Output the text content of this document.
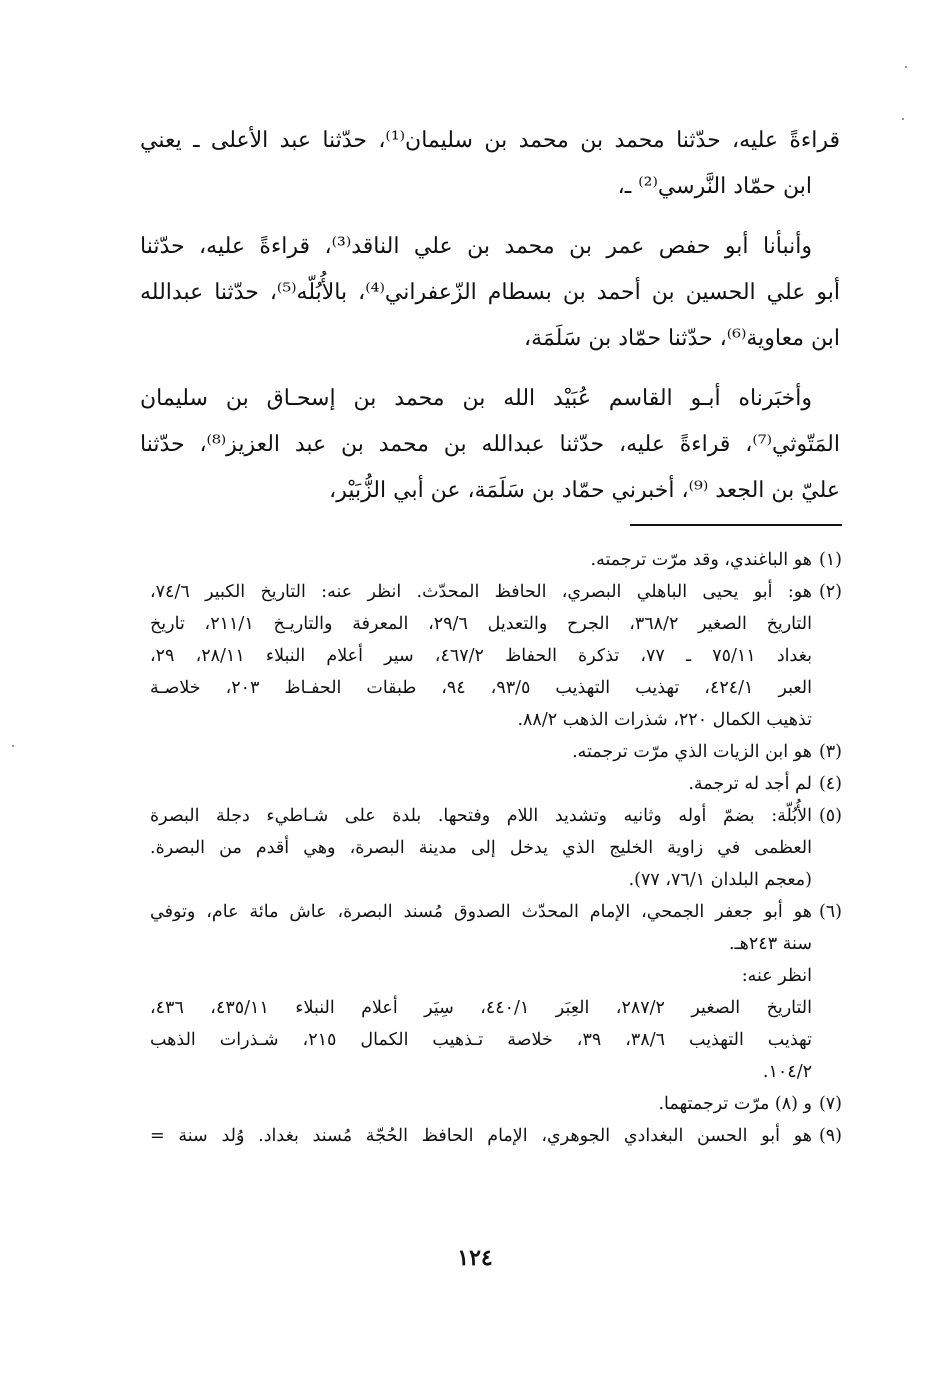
قراءةً عليه، حدّثنا محمد بن محمد بن سليمان⁽¹⁾، حدّثنا عبد الأعلى ـ يعني
ابن حمّاد النَّرسي⁽²⁾ ـ،

وأنبأنا أبو حفص عمر بن محمد بن علي الناقد⁽³⁾، قراءةً عليه، حدّثنا
أبو علي الحسين بن أحمد بن بسطام الزّعفراني⁽⁴⁾، بالأُبُلّه⁽⁵⁾، حدّثنا عبدالله
ابن معاوية⁽⁶⁾، حدّثنا حمّاد بن سَلَمَة،

وأخبَرناه أبـو القاسم عُبَيْد الله بن محمد بن إسحـاق بن سليمان
المَتّوثي⁽⁷⁾، قراءةً عليه، حدّثنا عبدالله بن محمد بن عبد العزيز⁽⁸⁾، حدّثنا
عليّ بن الجعد ⁽⁹⁾، أخبرني حمّاد بن سَلَمَة، عن أبي الزُّبَيْر،

(١)
هو الباغندي، وقد مرّت ترجمته.
(٢)
هو: أبو يحيى الباهلي البصري، الحافظ المحدّث. انظر عنه: التاريخ الكبير ٧٤/٦،
التاريخ الصغير ٣٦٨/٢، الجرح والتعديل ٢٩/٦، المعرفة والتاريـخ ٢١١/١، تاريخ
بغداد ٧٥/١١ ـ ٧٧، تذكرة الحفاظ ٤٦٧/٢، سير أعلام النبلاء ٢٨/١١، ٢٩،
العبر ٤٢٤/١، تهذيب التهذيب ٩٣/٥، ٩٤، طبقات الحفـاظ ٢٠٣، خلاصـة
تذهيب الكمال ٢٢٠، شذرات الذهب ٨٨/٢.
(٣)
هو ابن الزيات الذي مرّت ترجمته.
(٤)
لم أجد له ترجمة.
(٥)
الأُبُلّة: بضمّ أوله وثانيه وتشديد اللام وفتحها. بلدة على شـاطيء دجلة البصرة
العظمى في زاوية الخليج الذي يدخل إلى مدينة البصرة، وهي أقدم من البصرة.
(معجم البلدان ٧٦/١، ٧٧).
(٦)
هو أبو جعفر الجمحي، الإمام المحدّث الصدوق مُسند البصرة، عاش مائة عام، وتوفي
سنة ٢٤٣هـ.
انظر عنه:
التاريخ الصغير ٢٨٧/٢، العِبَر ٤٤٠/١، سِيَر أعلام النبلاء ٤٣٥/١١، ٤٣٦،
تهذيب التهذيب ٣٨/٦، ٣٩، خلاصة تـذهيب الكمال ٢١٥، شـذرات الذهب
١٠٤/٢.
(٧)
و (٨) مرّت ترجمتهما.
(٩)
هو أبو الحسن البغدادي الجوهري، الإمام الحافظ الحُجّة مُسند بغداد. وُلد سنة =
١٢٤
